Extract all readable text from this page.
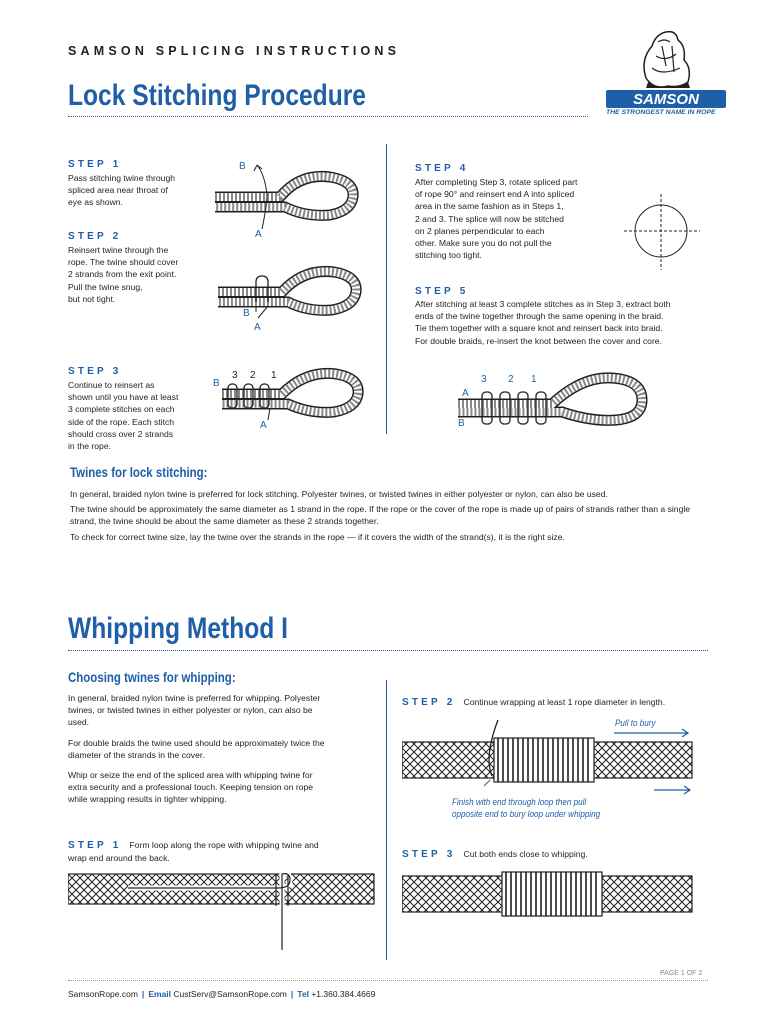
SAMSON SPLICING INSTRUCTIONS
SAMSON
THE STRONGEST NAME IN ROPE
Lock Stitching Procedure
STEP 1
Pass stitching twine through
spliced area near throat of
eye as shown.
STEP 2
Reinsert twine through the
rope. The twine should cover
2 strands from the exit point.
Pull the twine snug,
but not tight.
STEP 3
Continue to reinsert as
shown until you have at least
3 complete stitches on each
side of the rope. Each stitch
should cross over 2 strands
in the rope.
STEP 4
After completing Step 3, rotate spliced part
of rope 90° and reinsert end A into spliced
area in the same fashion as in Steps 1,
2 and 3. The splice will now be stitched
on 2 planes perpendicular to each
other. Make sure you do not pull the
stitching too tight.
STEP 5
After stitching at least 3 complete stitches as in Step 3, extract both
ends of the twine together through the same opening in the braid.
Tie them together with a square knot and reinsert back into braid.
For double braids, re-insert the knot between the cover and core.
B
A
B
A
3 2 1
B
A
3 2 1
A
B
Twines for lock stitching:

In general, braided nylon twine is preferred for lock stitching. Polyester twines, or twisted twines in either polyester or nylon, can also be used.

The twine should be approximately the same diameter as 1 strand in the rope. If the rope or the cover of the rope is made up of pairs of strands rather than a single strand, the twine should be about the same diameter as these 2 strands together.

To check for correct twine size, lay the twine over the strands in the rope — if it covers the width of the strand(s), it is the right size.

Whipping Method I
Choosing twines for whipping:

In general, braided nylon twine is preferred for whipping. Polyester twines, or twisted twines in either polyester or nylon, can also be used.

For double braids the twine used should be approximately twice the diameter of the strands in the cover.

Whip or seize the end of the spliced area with whipping twine for extra security and a professional touch. Keeping tension on rope while wrapping results in tighter whipping.

STEP 1 Form loop along the rope with whipping twine and wrap end around the back.
STEP 2 Continue wrapping at least 1 rope diameter in length.
Pull to bury
Finish with end through loop then pull
opposite end to bury loop under whipping
STEP 3 Cut both ends close to whipping.
PAGE 1 OF 2
SamsonRope.com | Email CustServ@SamsonRope.com | Tel +1.360.384.4669
